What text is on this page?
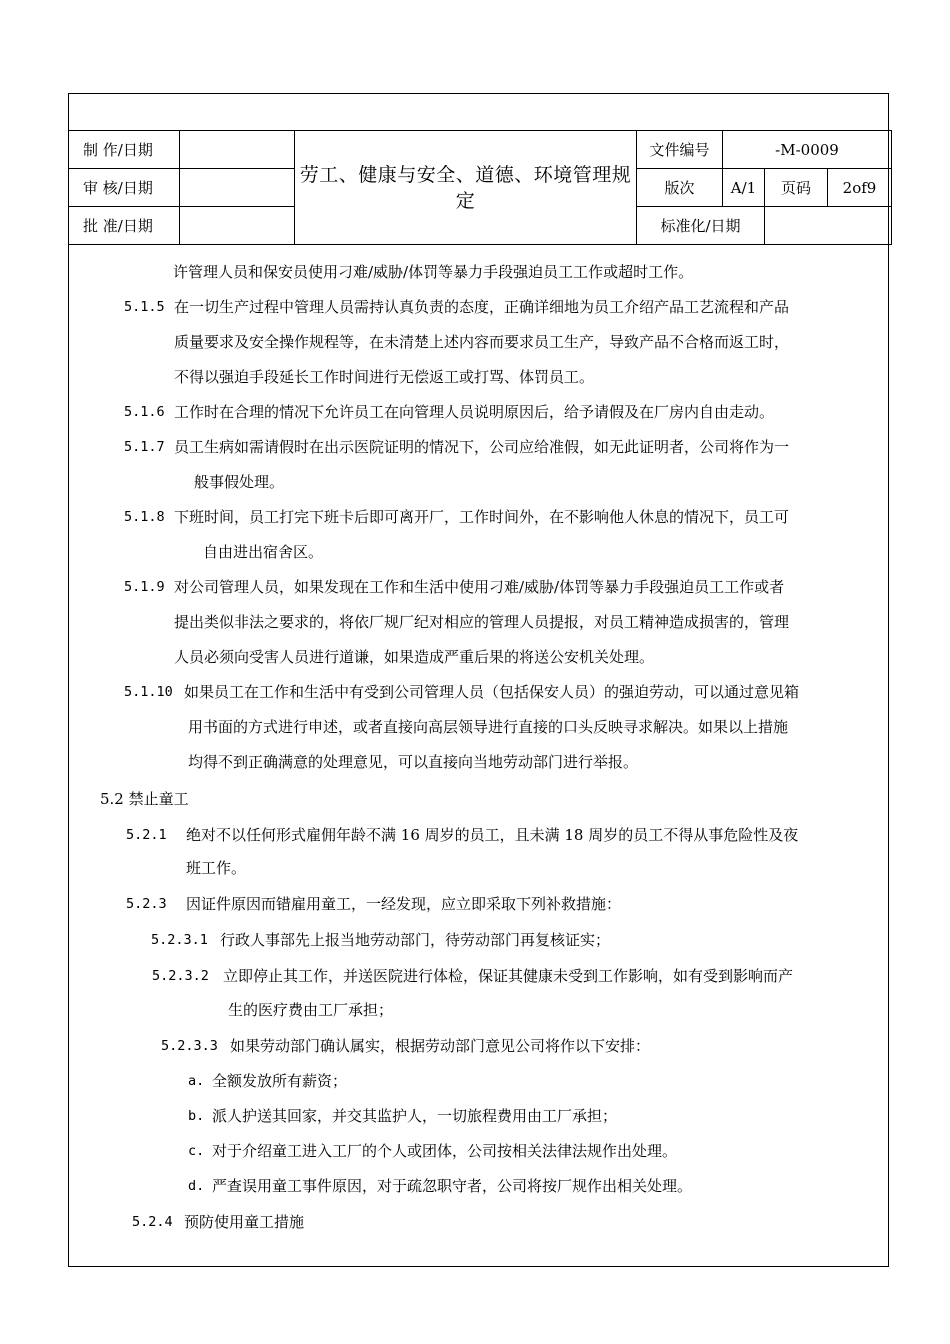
制 作/日期		劳工、健康与安全、道德、环境管理规定	文件编号	-M-0009		
审 核/日期			版次	A/1	页码	2of9
批 准/日期			标准化/日期			
许管理人员和保安员使用刁难/威胁/体罚等暴力手段强迫员工工作或超时工作。
5.1.5 在一切生产过程中管理人员需持认真负责的态度，正确详细地为员工介绍产品工艺流程和产品
质量要求及安全操作规程等，在未清楚上述内容而要求员工生产，导致产品不合格而返工时，
不得以强迫手段延长工作时间进行无偿返工或打骂、体罚员工。
5.1.6 工作时在合理的情况下允许员工在向管理人员说明原因后，给予请假及在厂房内自由走动。
5.1.7 员工生病如需请假时在出示医院证明的情况下，公司应给准假，如无此证明者，公司将作为一
般事假处理。
5.1.8 下班时间，员工打完下班卡后即可离开厂，工作时间外，在不影响他人休息的情况下，员工可
自由进出宿舍区。
5.1.9 对公司管理人员，如果发现在工作和生活中使用刁难/威胁/体罚等暴力手段强迫员工工作或者
提出类似非法之要求的，将依厂规厂纪对相应的管理人员提报，对员工精神造成损害的，管理
人员必须向受害人员进行道谦，如果造成严重后果的将送公安机关处理。
5.1.10 如果员工在工作和生活中有受到公司管理人员（包括保安人员）的强迫劳动，可以通过意见箱
用书面的方式进行申述，或者直接向高层领导进行直接的口头反映寻求解决。如果以上措施
均得不到正确满意的处理意见，可以直接向当地劳动部门进行举报。
5.2 禁止童工
5.2.1 绝对不以任何形式雇佣年龄不满 16 周岁的员工，且未满 18 周岁的员工不得从事危险性及夜
班工作。
5.2.3 因证件原因而错雇用童工，一经发现，应立即采取下列补救措施：
5.2.3.1 行政人事部先上报当地劳动部门，待劳动部门再复核证实；
5.2.3.2 立即停止其工作，并送医院进行体检，保证其健康未受到工作影响，如有受到影响而产
生的医疗费由工厂承担；
5.2.3.3 如果劳动部门确认属实，根据劳动部门意见公司将作以下安排：
a. 全额发放所有薪资；
b. 派人护送其回家，并交其监护人，一切旅程费用由工厂承担；
c. 对于介绍童工进入工厂的个人或团体，公司按相关法律法规作出处理。
d. 严查误用童工事件原因，对于疏忽职守者，公司将按厂规作出相关处理。
5.2.4 预防使用童工措施
